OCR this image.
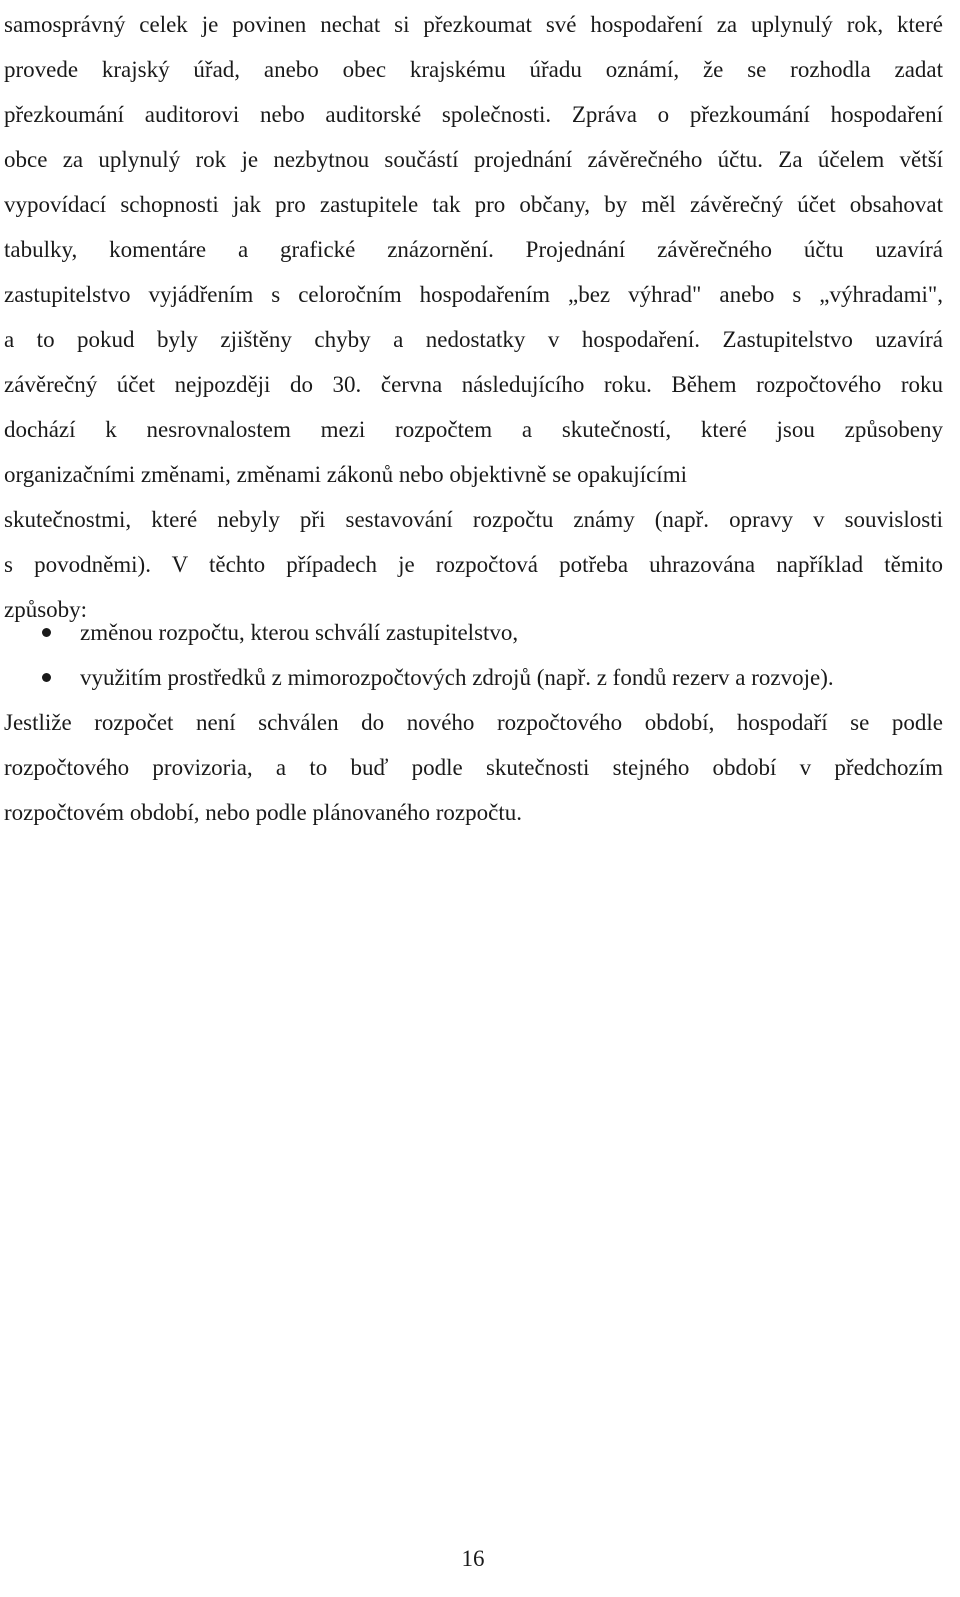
samosprávný celek je povinen nechat si přezkoumat své hospodaření za uplynulý rok, které
provede krajský úřad, anebo obec krajskému úřadu oznámí, že se rozhodla zadat
přezkoumání auditorovi nebo auditorské společnosti. Zpráva o přezkoumání hospodaření
obce za uplynulý rok je nezbytnou součástí projednání závěrečného účtu. Za účelem větší
vypovídací schopnosti jak pro zastupitele tak pro občany, by měl závěrečný účet obsahovat
tabulky, komentáre a grafické znázornění. Projednání závěrečného účtu uzavírá
zastupitelstvo vyjádřením s celoročním hospodařením „bez výhrad" anebo s „výhradami",
a to pokud byly zjištěny chyby a nedostatky v hospodaření. Zastupitelstvo uzavírá
závěrečný účet nejpozději do 30. června následujícího roku. Během rozpočtového roku
dochází k nesrovnalostem mezi rozpočtem a skutečností, které jsou způsobeny
organizačními změnami, změnami zákonů nebo objektivně se opakujícími
skutečnostmi, které nebyly při sestavování rozpočtu známy (např. opravy v souvislosti
s povodněmi). V těchto případech je rozpočtová potřeba uhrazována například těmito
způsoby:
změnou rozpočtu, kterou schválí zastupitelstvo,
využitím prostředků z mimorozpočtových zdrojů (např. z fondů rezerv a rozvoje).
Jestliže rozpočet není schválen do nového rozpočtového období, hospodaří se podle
rozpočtového provizoria, a to buď podle skutečnosti stejného období v předchozím
rozpočtovém období, nebo podle plánovaného rozpočtu.
16
